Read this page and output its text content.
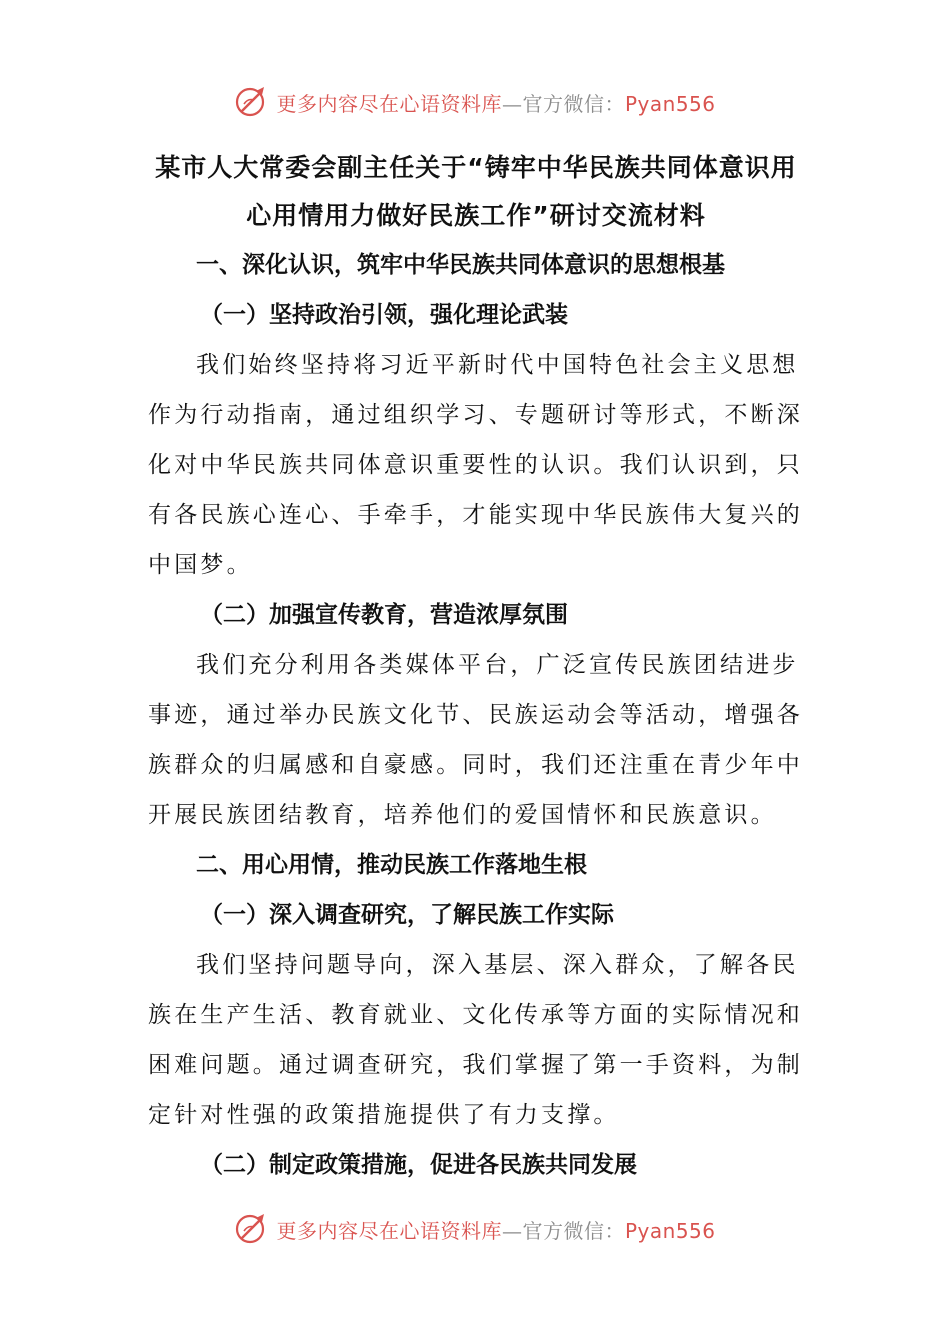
更多内容尽在心语资料库—官方微信：Pyan556
某市人大常委会副主任关于“铸牢中华民族共同体意识用
心用情用力做好民族工作”研讨交流材料
一、深化认识，筑牢中华民族共同体意识的思想根基
（一）坚持政治引领，强化理论武装
我们始终坚持将习近平新时代中国特色社会主义思想
作为行动指南，通过组织学习、专题研讨等形式，不断深
化对中华民族共同体意识重要性的认识。我们认识到，只
有各民族心连心、手牵手，才能实现中华民族伟大复兴的
中国梦。
（二）加强宣传教育，营造浓厚氛围
我们充分利用各类媒体平台，广泛宣传民族团结进步
事迹，通过举办民族文化节、民族运动会等活动，增强各
族群众的归属感和自豪感。同时，我们还注重在青少年中
开展民族团结教育，培养他们的爱国情怀和民族意识。
二、用心用情，推动民族工作落地生根
（一）深入调查研究，了解民族工作实际
我们坚持问题导向，深入基层、深入群众，了解各民
族在生产生活、教育就业、文化传承等方面的实际情况和
困难问题。通过调查研究，我们掌握了第一手资料，为制
定针对性强的政策措施提供了有力支撑。
（二）制定政策措施，促进各民族共同发展
更多内容尽在心语资料库—官方微信：Pyan556
